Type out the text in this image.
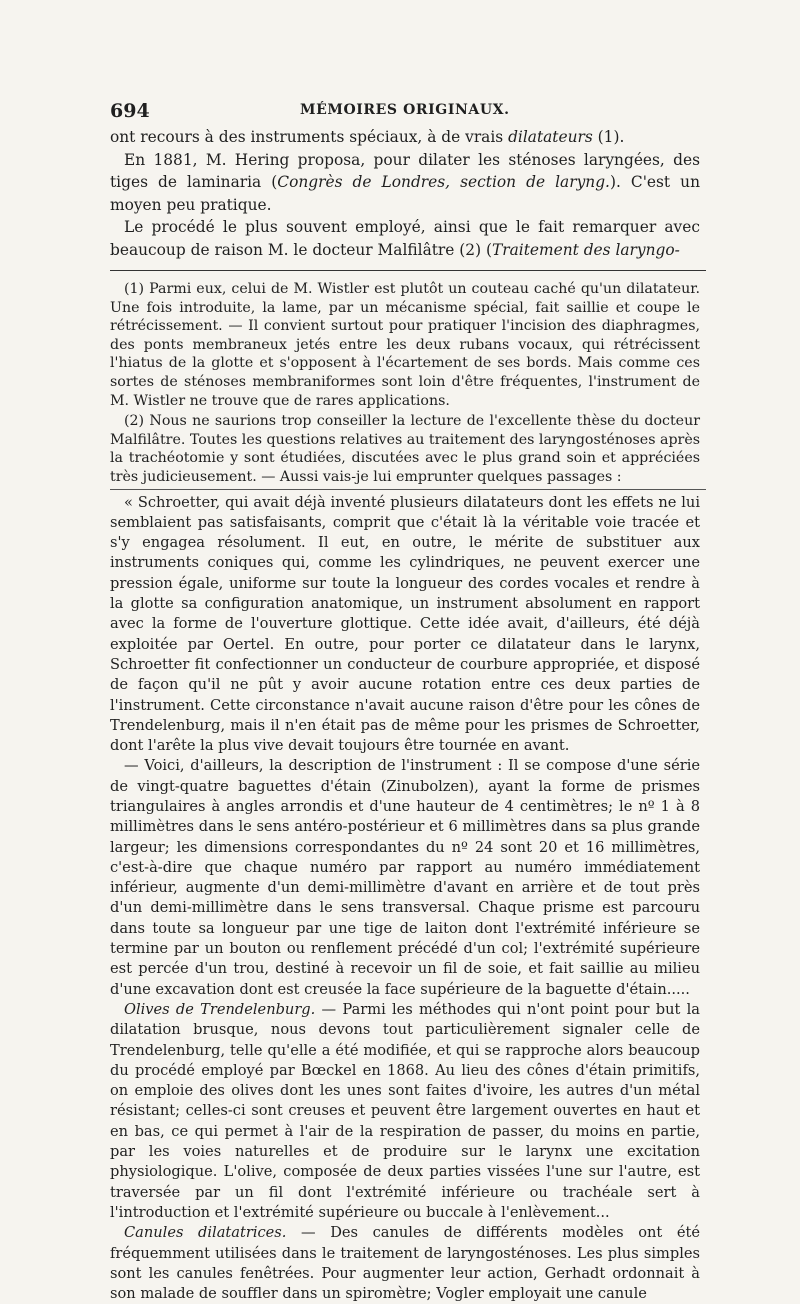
694	MÉMOIRES ORIGINAUX.

ont recours à des instruments spéciaux, à de vrais dilatateurs (1).

En 1881, M. Hering proposa, pour dilater les sténoses laryngées, des tiges de laminaria (Congrès de Londres, section de laryng.). C'est un moyen peu pratique.

Le procédé le plus souvent employé, ainsi que le fait remarquer avec beaucoup de raison M. le docteur Malfilâtre (2) (Traitement des laryngo-

(1) Parmi eux, celui de M. Wistler est plutôt un couteau caché qu'un dilatateur. Une fois introduite, la lame, par un mécanisme spécial, fait saillie et coupe le rétrécissement. — Il convient surtout pour pratiquer l'incision des diaphragmes, des ponts membraneux jetés entre les deux rubans vocaux, qui rétrécissent l'hiatus de la glotte et s'opposent à l'écartement de ses bords. Mais comme ces sortes de sténoses membraniformes sont loin d'être fréquentes, l'instrument de M. Wistler ne trouve que de rares applications.

(2) Nous ne saurions trop conseiller la lecture de l'excellente thèse du docteur Malfilâtre. Toutes les questions relatives au traitement des laryngosténoses après la trachéotomie y sont étudiées, discutées avec le plus grand soin et appréciées très judicieusement. — Aussi vais-je lui emprunter quelques passages :

« Schroetter, qui avait déjà inventé plusieurs dilatateurs dont les effets ne lui semblaient pas satisfaisants, comprit que c'était là la véritable voie tracée et s'y engagea résolument. Il eut, en outre, le mérite de substituer aux instruments coniques qui, comme les cylindriques, ne peuvent exercer une pression égale, uniforme sur toute la longueur des cordes vocales et rendre à la glotte sa configuration anatomique, un instrument absolument en rapport avec la forme de l'ouverture glottique. Cette idée avait, d'ailleurs, été déjà exploitée par Oertel. En outre, pour porter ce dilatateur dans le larynx, Schroetter fit confectionner un conducteur de courbure appropriée, et disposé de façon qu'il ne pût y avoir aucune rotation entre ces deux parties de l'instrument. Cette circonstance n'avait aucune raison d'être pour les cônes de Trendelenburg, mais il n'en était pas de même pour les prismes de Schroetter, dont l'arête la plus vive devait toujours être tournée en avant.

— Voici, d'ailleurs, la description de l'instrument : Il se compose d'une série de vingt-quatre baguettes d'étain (Zinubolzen), ayant la forme de prismes triangulaires à angles arrondis et d'une hauteur de 4 centimètres; le nº 1 à 8 millimètres dans le sens antéro-postérieur et 6 millimètres dans sa plus grande largeur; les dimensions correspondantes du nº 24 sont 20 et 16 millimètres, c'est-à-dire que chaque numéro par rapport au numéro immédiatement inférieur, augmente d'un demi-millimètre d'avant en arrière et de tout près d'un demi-millimètre dans le sens transversal. Chaque prisme est parcouru dans toute sa longueur par une tige de laiton dont l'extrémité inférieure se termine par un bouton ou renflement précédé d'un col; l'extrémité supérieure est percée d'un trou, destiné à recevoir un fil de soie, et fait saillie au milieu d'une excavation dont est creusée la face supérieure de la baguette d'étain.....

Olives de Trendelenburg. — Parmi les méthodes qui n'ont point pour but la dilatation brusque, nous devons tout particulièrement signaler celle de Trendelenburg, telle qu'elle a été modifiée, et qui se rapproche alors beaucoup du procédé employé par Bœckel en 1868. Au lieu des cônes d'étain primitifs, on emploie des olives dont les unes sont faites d'ivoire, les autres d'un métal résistant; celles-ci sont creuses et peuvent être largement ouvertes en haut et en bas, ce qui permet à l'air de la respiration de passer, du moins en partie, par les voies naturelles et de produire sur le larynx une excitation physiologique. L'olive, composée de deux parties vissées l'une sur l'autre, est traversée par un fil dont l'extrémité inférieure ou trachéale sert à l'introduction et l'extrémité supérieure ou buccale à l'enlèvement...

Canules dilatatrices. — Des canules de différents modèles ont été fréquemment utilisées dans le traitement de laryngosténoses. Les plus simples sont les canules fenêtrées. Pour augmenter leur action, Gerhadt ordonnait à son malade de souffler dans un spiromètre; Vogler employait une canule
